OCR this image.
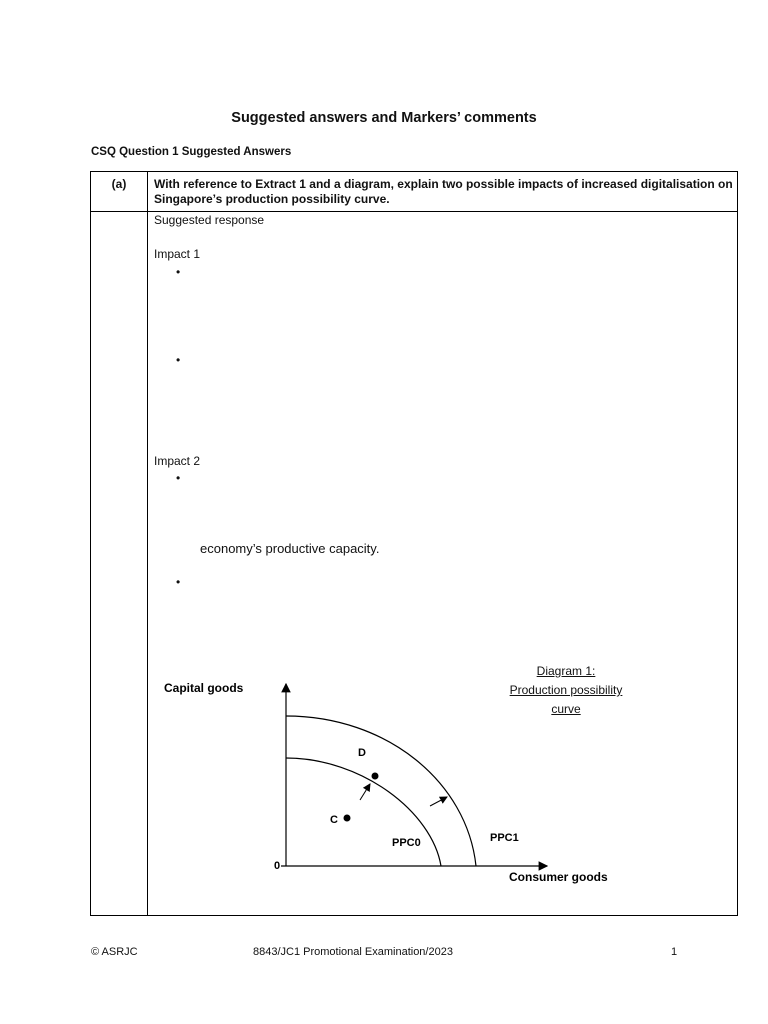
Suggested answers and Markers’ comments
CSQ Question 1 Suggested Answers
(a)	With reference to Extract 1 and a diagram, explain two possible impacts of increased digitalisation on Singapore’s production possibility curve.
Suggested response
Impact 1
•
•
Impact 2
•
economy’s productive capacity.
•
Diagram 1:
Production possibility
curve
Capital goods
Consumer goods
0
PPC0	PPC1
C
D
© ASRJC	8843/JC1 Promotional Examination/2023	1
